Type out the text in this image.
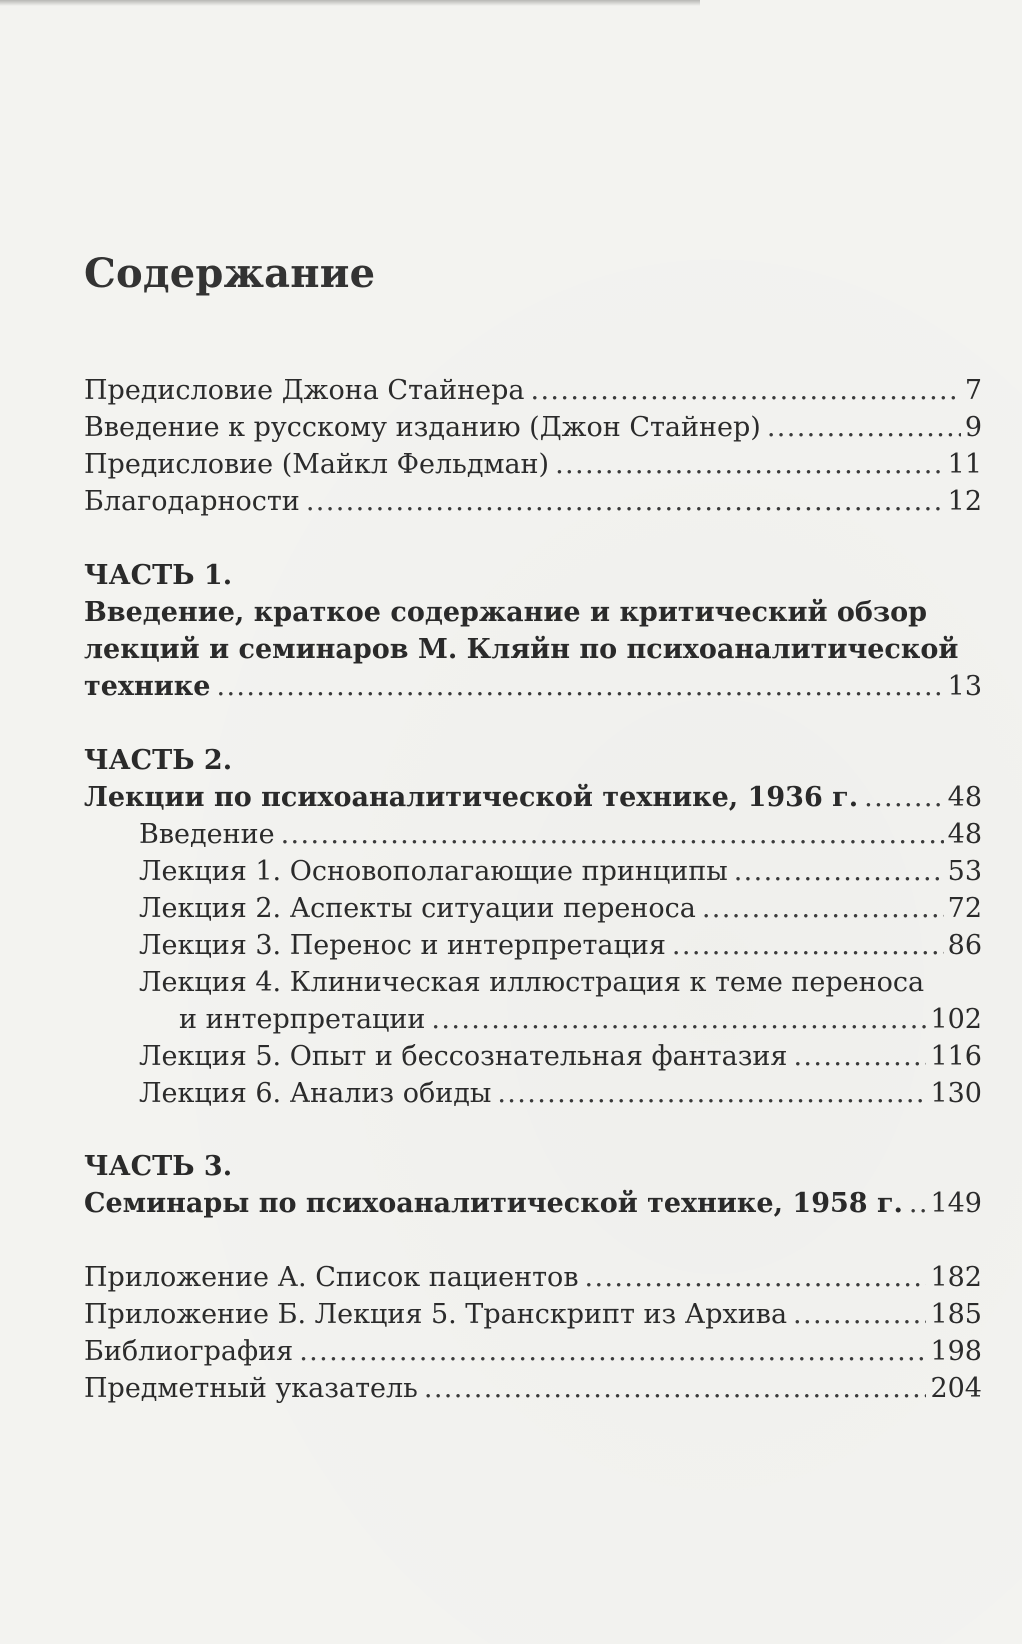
Содержание
Предисловие Джона Стайнера . . .	7
Введение к русскому изданию (Джон Стайнер) . . .	9
Предисловие (Майкл Фельдман) . . .	11
Благодарности . . .	12
ЧАСТЬ 1.
Введение, краткое содержание и критический обзор
лекций и семинаров М. Кляйн по психоаналитической
технике . . .	13
ЧАСТЬ 2.
Лекции по психоаналитической технике, 1936 г. . . .	48
Введение . . .	48
Лекция 1. Основополагающие принципы . . .	53
Лекция 2. Аспекты ситуации переноса . . .	72
Лекция 3. Перенос и интерпретация . . .	86
Лекция 4. Клиническая иллюстрация к теме переноса
и интерпретации . . .	102
Лекция 5. Опыт и бессознательная фантазия . . .	116
Лекция 6. Анализ обиды . . .	130
ЧАСТЬ 3.
Семинары по психоаналитической технике, 1958 г. . . . 149
Приложение А. Список пациентов . . .	182
Приложение Б. Лекция 5. Транскрипт из Архива . . .	185
Библиография . . .	198
Предметный указатель . . .	204
